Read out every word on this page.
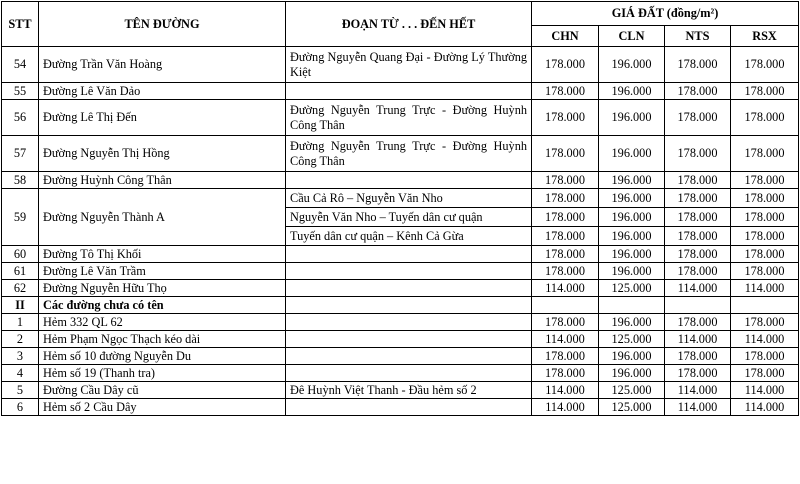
STT	TÊN ĐƯỜNG	ĐOẠN TỪ . . . ĐẾN HẾT	GIÁ ĐẤT (đồng/m²)			
			CHN	CLN	NTS	RSX
54	Đường Trần Văn Hoàng	Đường Nguyễn Quang Đại - Đường Lý Thường Kiệt	178.000	196.000	178.000	178.000
55	Đường Lê Văn Dảo		178.000	196.000	178.000	178.000
56	Đường Lê Thị Đến	Đường Nguyễn Trung Trực - Đường Huỳnh Công Thân	178.000	196.000	178.000	178.000
57	Đường Nguyễn Thị Hồng	Đường Nguyễn Trung Trực - Đường Huỳnh Công Thân	178.000	196.000	178.000	178.000
58	Đường Huỳnh Công Thân		178.000	196.000	178.000	178.000
59	Đường Nguyễn Thành A	Cầu Cả Rô – Nguyễn Văn Nho	178.000	196.000	178.000	178.000
		Nguyễn Văn Nho – Tuyến dân cư quận	178.000	196.000	178.000	178.000
		Tuyến dân cư quận – Kênh Cả Gừa	178.000	196.000	178.000	178.000
60	Đường Tô Thị Khối		178.000	196.000	178.000	178.000
61	Đường Lê Văn Trầm		178.000	196.000	178.000	178.000
62	Đường Nguyễn Hữu Thọ		114.000	125.000	114.000	114.000
II	Các đường chưa có tên					
1	Hẻm 332 QL 62		178.000	196.000	178.000	178.000
2	Hẻm Phạm Ngọc Thạch kéo dài		114.000	125.000	114.000	114.000
3	Hẻm số 10 đường Nguyễn Du		178.000	196.000	178.000	178.000
4	Hẻm số 19 (Thanh tra)		178.000	196.000	178.000	178.000
5	Đường Cầu Dây cũ	Đê Huỳnh Việt Thanh - Đầu hẻm số 2	114.000	125.000	114.000	114.000
6	Hẻm số 2 Cầu Dây		114.000	125.000	114.000	114.000
